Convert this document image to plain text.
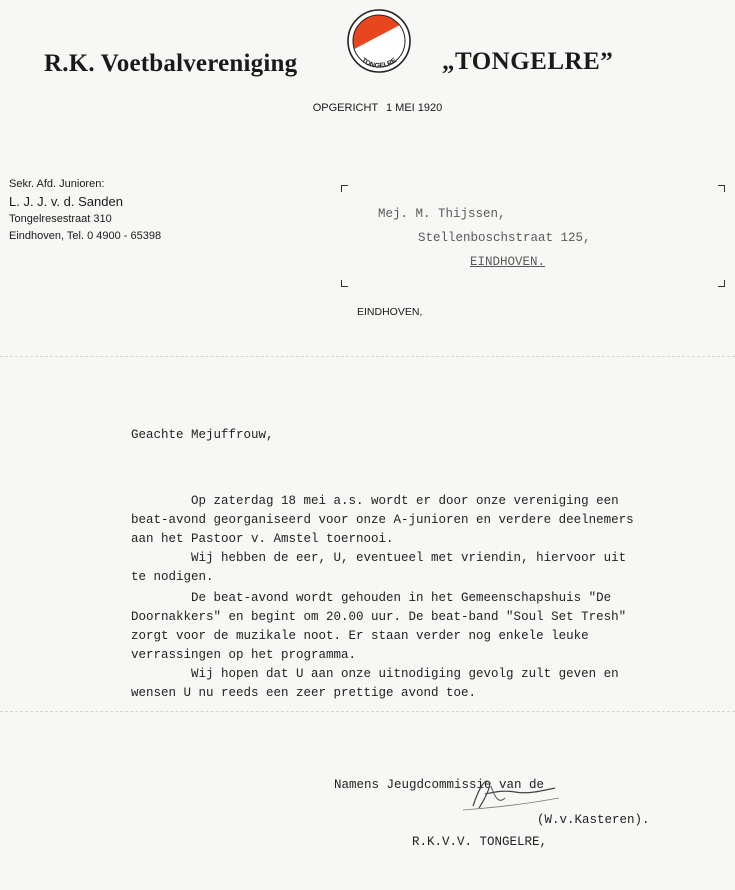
R.K. Voetbalvereniging	TONGELRE „TONGELRE”
OPGERICHT 1 MEI 1920
Sekr. Afd. Junioren:
L. J. J. v. d. Sanden
Tongelresestraat 310
Eindhoven, Tel. 0 4900 - 65398
Mej. M. Thijssen,
Stellenboschstraat 125,
EINDHOVEN.
EINDHOVEN,
Geachte Mejuffrouw,
Op zaterdag 18 mei a.s. wordt er door onze vereniging een
beat-avond georganiseerd voor onze A-junioren en verdere deelnemers
aan het Pastoor v. Amstel toernooi.
Wij hebben de eer, U, eventueel met vriendin, hiervoor uit
te nodigen.
De beat-avond wordt gehouden in het Gemeenschapshuis "De
Doornakkers" en begint om 20.00 uur. De beat-band "Soul Set Tresh"
zorgt voor de muzikale noot. Er staan verder nog enkele leuke
verrassingen op het programma.
Wij hopen dat U aan onze uitnodiging gevolg zult geven en
wensen U nu reeds een zeer prettige avond toe.

Namens Jeugdcommissie van de

R.K.V.V. TONGELRE,

(W.v.Kasteren).
